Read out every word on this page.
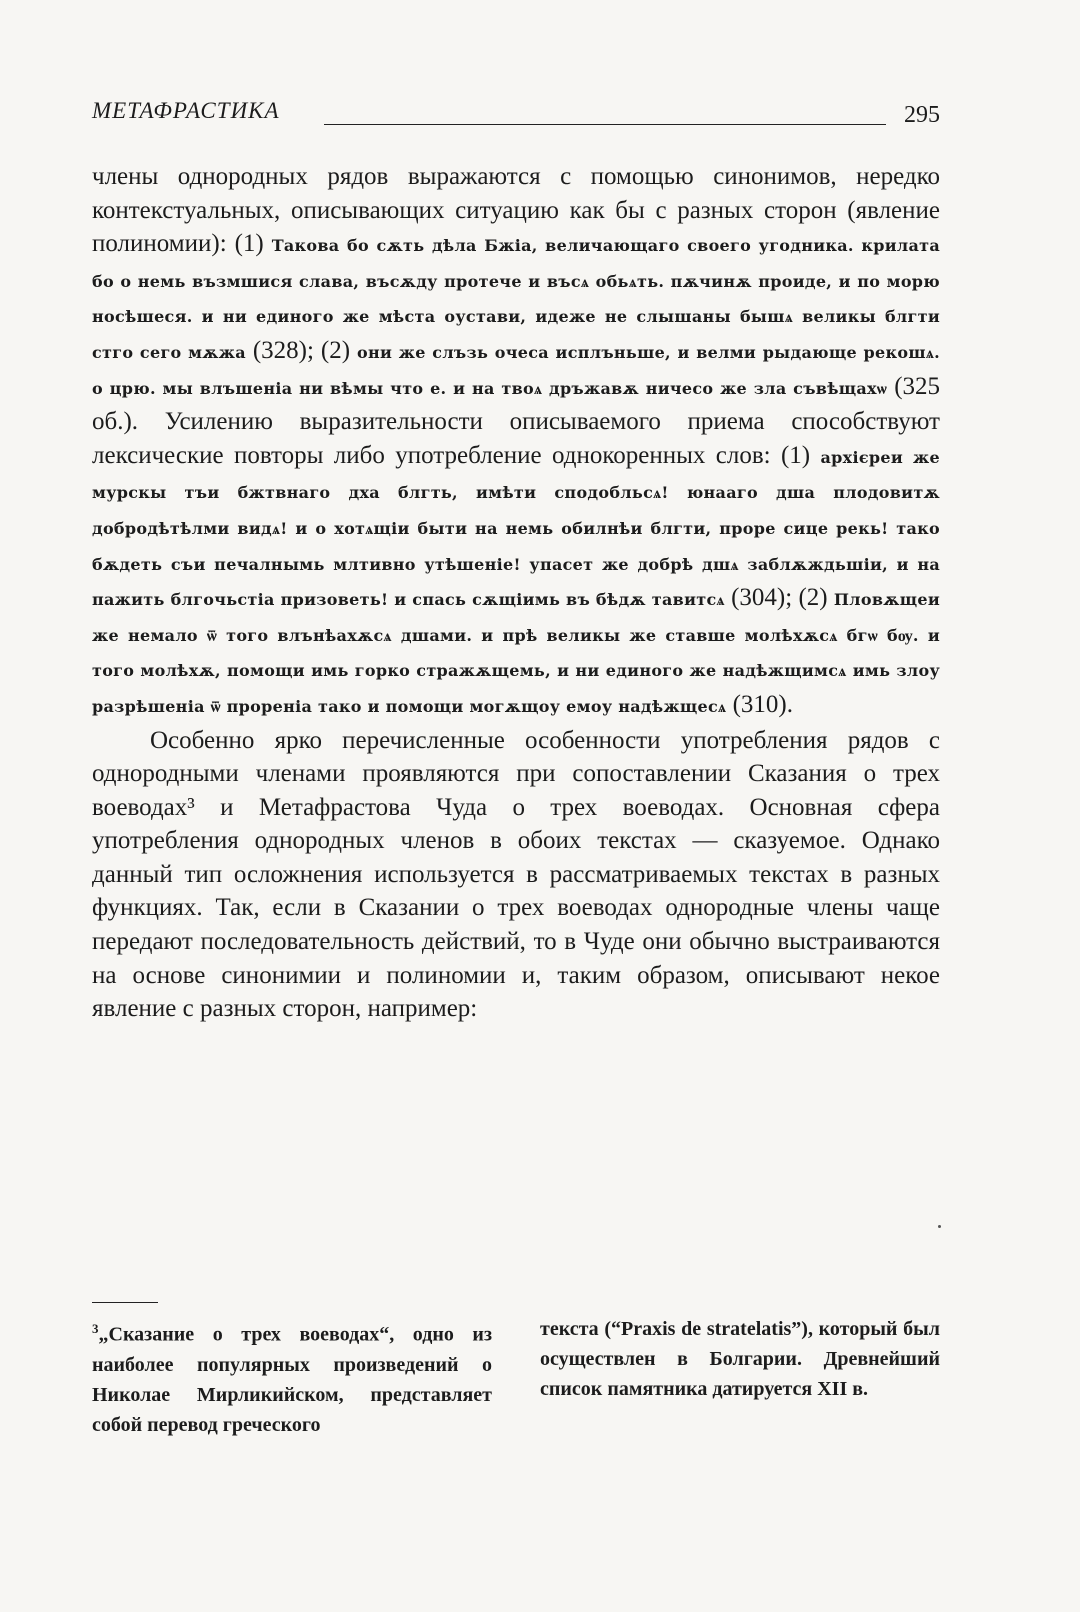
МЕТАФРАСТИКА	295

члены однородных рядов выражаются с помощью синонимов, нередко контекстуальных, описывающих ситуацию как бы с разных сторон (явление полиномии): (1) Такова бо сѫть дѣла Бжіа, величающаго своего угодника. крилата бо о немь възмшися слава, въсѫду протече и въсѧ обьѧть. пѫчинѫ проиде, и по морю носѣшеся. и ни единого же мѣста оустави, идеже не слышаны бышѧ великы блгти стго сего мѫжа (328); (2) они же слъзь очеса исплъньше, и велми рыдающе рекошѧ. о црю. мы влъшеніа ни вѣмы что е. и на твоѧ дръжавѫ ничесо же зла съвѣщахѡ (325 об.). Усилению выразительности описываемого приема способствуют лексические повторы либо употребление однокоренных слов: (1) архієреи же мурскы тъи бжтвнаго дха блгть, имѣти сподобльсѧ! юнааго дша плодовитѫ добродѣтѣлми видѧ! и о хотѧщіи быти на немь обилнѣи блгти, проре сице рекь! тако бѫдеть съи печалнымь млтивно утѣшеніе! упасет же добрѣ дшѧ заблѫждьшіи, и на пажить блгочьстіа призоветь! и спась сѫщіимь въ бѣдѫ тавитсѧ (304); (2) Пловѫщеи же немало ѿ того влънѣахѫсѧ дшами. и прѣ великы же ставше молѣхѫсѧ бгѡ бѹ. и того молѣхѫ, помощи имь горко стражѫщемь, и ни единого же надѣжщимсѧ имь злоу разрѣшеніа ѿ прореніа тако и помощи могѫщоу емоу надѣжщесѧ (310).

Особенно ярко перечисленные особенности употребления рядов с однородными членами проявляются при сопоставлении Сказания о трех воеводах³ и Метафрастова Чуда о трех воеводах. Основная сфера употребления однородных членов в обоих текстах — сказуемое. Однако данный тип осложнения используется в рассматриваемых текстах в разных функциях. Так, если в Сказании о трех воеводах однородные члены чаще передают последовательность действий, то в Чуде они обычно выстраиваются на основе синонимии и полиномии и, таким образом, описывают некое явление с разных сторон, например:

$^3$„Сказание о трех воеводах“, одно из наиболее популярных произведений о Николае Мирликийском, представляет собой перевод греческого
текста (“Praxis de stratelatis”), который был осуществлен в Болгарии. Древнейший список памятника датируется XII в.
